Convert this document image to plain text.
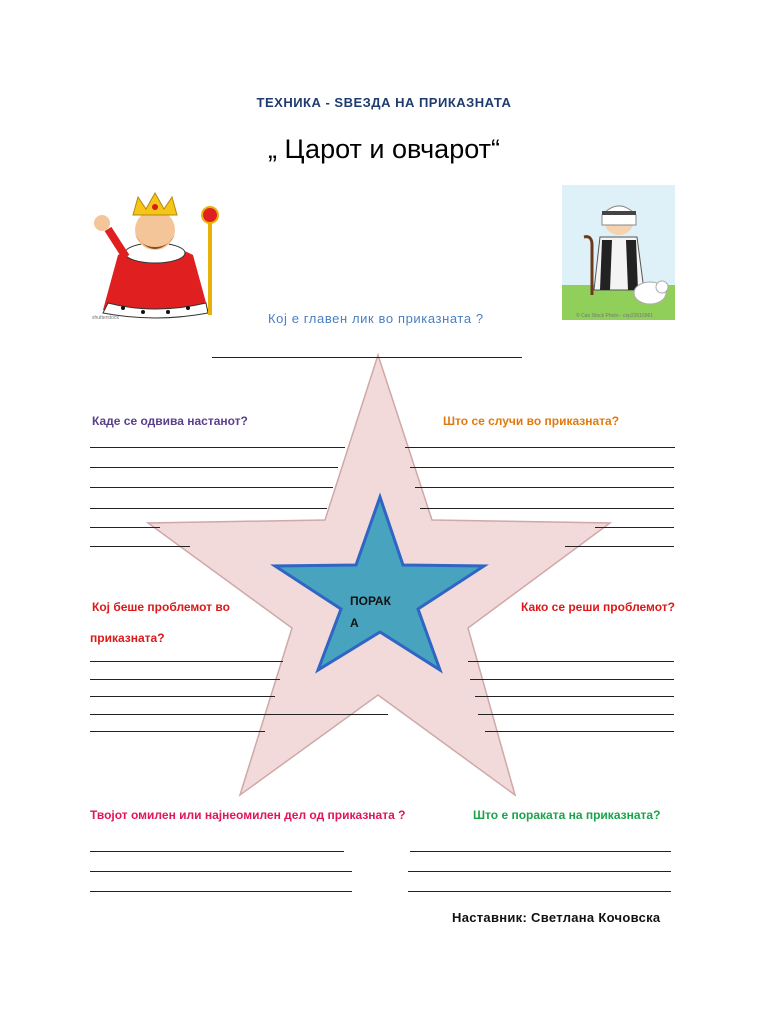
ТЕХНИКА - ЅВЕЗДА НА ПРИКАЗНАТА
„ Царот и овчарот“
ПОРАК
А
shutterstock	© Can Stock Photo - csp22616961
Кој е главен лик во приказната ?
Каде се одвива настанот?	Што се случи во приказната?
Кој беше проблемот во
приказната?
Како се реши проблемот?
Твојот омилен или најнеомилен дел од приказната ?	Што е пораката на приказната?
Наставник: Светлана Кочовска
